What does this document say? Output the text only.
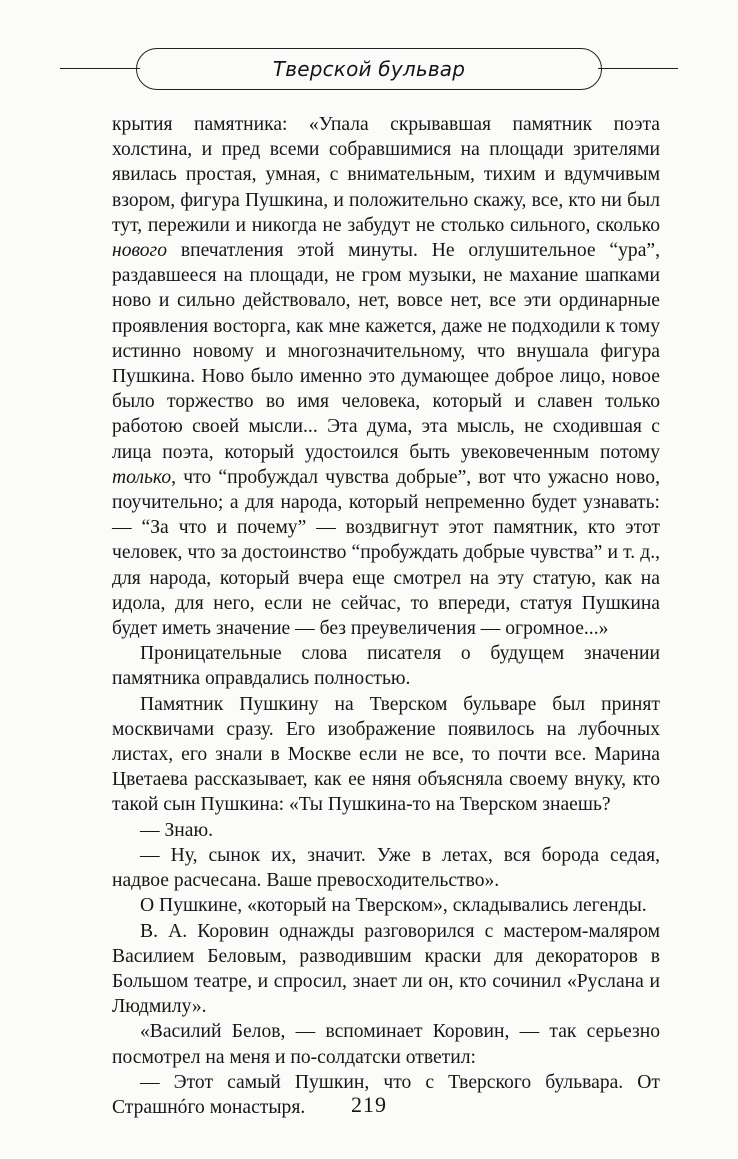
Тверской бульвар

крытия памятника: «Упала скрывавшая памятник поэта холстина, и пред всеми собравшимися на площади зрителями явилась простая, умная, с внимательным, тихим и вдумчивым взором, фигура Пушкина, и положительно скажу, все, кто ни был тут, пережили и никогда не забудут не столько сильного, сколько нового впечатления этой минуты. Не оглушительное “ура”, раздавшееся на площади, не гром музыки, не махание шапками ново и сильно действовало, нет, вовсе нет, все эти ординарные проявления восторга, как мне кажется, даже не подходили к тому истинно новому и многозначительному, что внушала фигура Пушкина. Ново было именно это думающее доброе лицо, новое было торжество во имя человека, который и славен только работою своей мысли... Эта дума, эта мысль, не сходившая с лица поэта, который удостоился быть увековеченным потому только, что “пробуждал чувства добрые”, вот что ужасно ново, поучительно; а для народа, который непременно будет узнавать: — “За что и почему” — воздвигнут этот памятник, кто этот человек, что за достоинство “пробуждать добрые чувства” и т. д., для народа, который вчера еще смотрел на эту статую, как на идола, для него, если не сейчас, то впереди, статуя Пушкина будет иметь значение — без преувеличения — огромное...»

Проницательные слова писателя о будущем значении памятника оправдались полностью.

Памятник Пушкину на Тверском бульваре был принят москвичами сразу. Его изображение появилось на лубочных листах, его знали в Москве если не все, то почти все. Марина Цветаева рассказывает, как ее няня объясняла своему внуку, кто такой сын Пушкина: «Ты Пушкина-то на Тверском знаешь?

— Знаю.

— Ну, сынок их, значит. Уже в летах, вся борода седая, надвое расчесана. Ваше превосходительство».

О Пушкине, «который на Тверском», складывались легенды.

В. А. Коровин однажды разговорился с мастером-маляром Василием Беловым, разводившим краски для декораторов в Большом театре, и спросил, знает ли он, кто сочинил «Руслана и Людмилу».

«Василий Белов, — вспоминает Коровин, — так серьезно посмотрел на меня и по-солдатски ответил:

— Этот самый Пушкин, что с Тверского бульвара. От Страшнóго монастыря.	219
